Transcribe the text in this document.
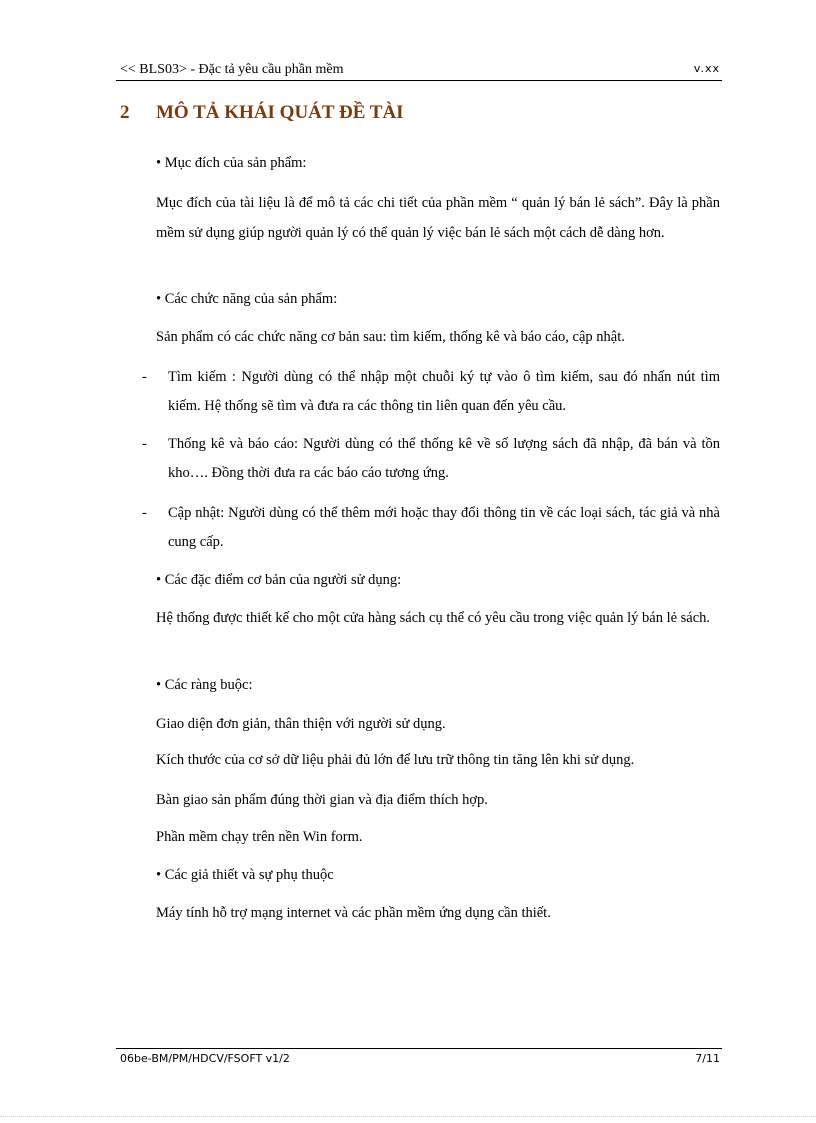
<< BLS03> - Đặc tả yêu cầu phần mềm	v.xx
2 MÔ TẢ KHÁI QUÁT ĐỀ TÀI

• Mục đích của sản phẩm:

Mục đích của tài liệu là để mô tả các chi tiết của phần mềm “ quản lý bán lẻ sách”. Đây là phần mềm sử dụng giúp người quản lý có thể quản lý việc bán lẻ sách một cách dễ dàng hơn.

• Các chức năng của sản phẩm:

Sản phẩm có các chức năng cơ bản sau: tìm kiếm, thống kê và báo cáo, cập nhật.

-	Tìm kiếm : Người dùng có thể nhập một chuỗi ký tự vào ô tìm kiếm, sau đó nhấn nút tìm kiếm. Hệ thống sẽ tìm và đưa ra các thông tin liên quan đến yêu cầu.
-	Thống kê và báo cáo: Người dùng có thể thống kê về số lượng sách đã nhập, đã bán và tồn kho…. Đồng thời đưa ra các báo cáo tương ứng.
-	Cập nhật: Người dùng có thể thêm mới hoặc thay đổi thông tin về các loại sách, tác giả và nhà cung cấp.

• Các đặc điểm cơ bản của người sử dụng:

Hệ thống được thiết kế cho một cửa hàng sách cụ thể có yêu cầu trong việc quản lý bán lẻ sách.

• Các ràng buộc:

Giao diện đơn giản, thân thiện với người sử dụng.

Kích thước của cơ sở dữ liệu phải đủ lớn để lưu trữ thông tin tăng lên khi sử dụng.

Bàn giao sản phẩm đúng thời gian và địa điểm thích hợp.

Phần mềm chạy trên nền Win form.

• Các giả thiết và sự phụ thuộc

Máy tính hỗ trợ mạng internet và các phần mềm ứng dụng cần thiết.

06be-BM/PM/HDCV/FSOFT v1/2	7/11
